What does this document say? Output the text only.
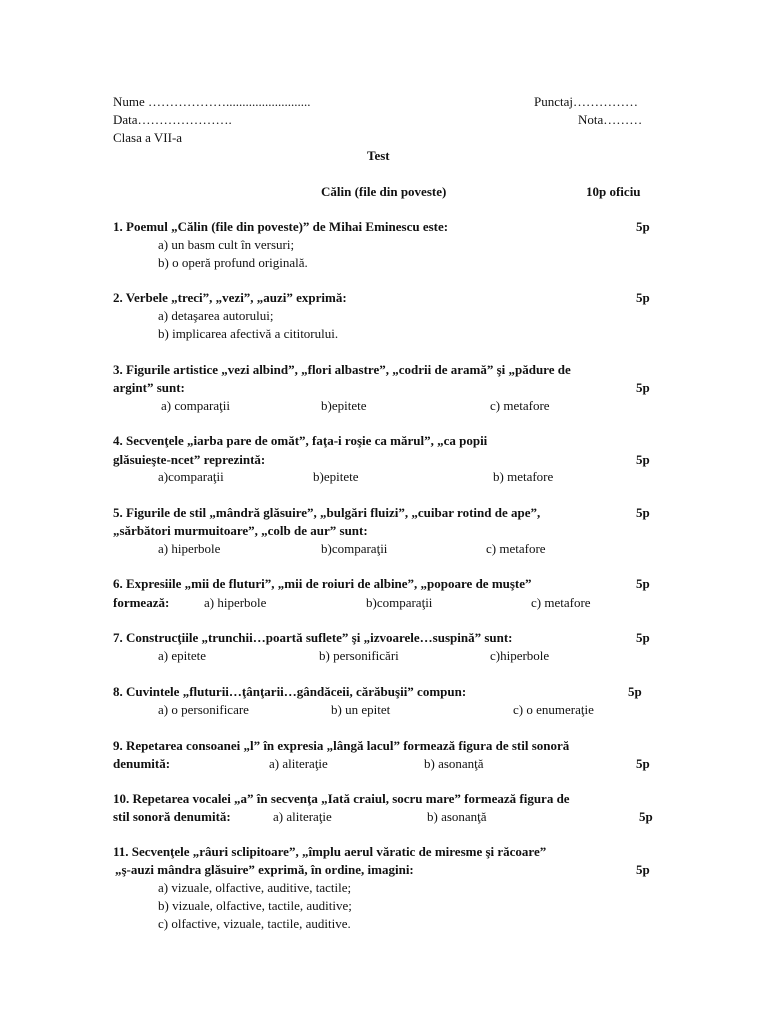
Nume ………………..........................	Punctaj……………
Data………………….	Nota………
Clasa a VII-a
Test
Călin (file din poveste)	10p oficiu
1. Poemul „Călin (file din poveste)” de Mihai Eminescu este:	5p
a) un basm cult în versuri;
b) o operă profund originală.
2. Verbele „treci”, „vezi”, „auzi” exprimă:	5p
a) detaşarea autorului;
b) implicarea afectivă a cititorului.
3. Figurile artistice „vezi albind”, „flori albastre”, „codrii de aramă” şi „pădure de
argint” sunt:	5p
a) comparaţii	b)epitete	c) metafore
4. Secvenţele „iarba pare de omăt”, faţa-i roşie ca mărul”, „ca popii
glăsuieşte-ncet” reprezintă:	5p
a)comparaţii	b)epitete	b) metafore
5. Figurile de stil „mândră glăsuire”, „bulgări fluizi”, „cuibar rotind de ape”,	5p
„sărbători murmuitoare”, „colb de aur” sunt:
a) hiperbole	b)comparaţii	c) metafore
6. Expresiile „mii de fluturi”, „mii de roiuri de albine”, „popoare de muşte”	5p
formează:	a) hiperbole	b)comparaţii	c) metafore
7. Construcţiile „trunchii…poartă suflete” şi „izvoarele…suspină” sunt:	5p
a) epitete	b) personificări	c)hiperbole
8. Cuvintele „fluturii…ţânţarii…gândăceii, cărăbuşii” compun:	5p
a) o personificare	b) un epitet	c) o enumeraţie
9. Repetarea consoanei „l” în expresia „lângă lacul” formează figura de stil sonoră
denumită:	a) aliteraţie	b) asonanţă	5p
10. Repetarea vocalei „a” în secvenţa „Iată craiul, socru mare” formează figura de
stil sonoră denumită:	a) aliteraţie	b) asonanţă	5p
11. Secvenţele „râuri sclipitoare”, „împlu aerul văratic de miresme şi răcoare”
„ş-auzi mândra glăsuire” exprimă, în ordine, imagini:	5p
a) vizuale, olfactive, auditive, tactile;
b) vizuale, olfactive, tactile, auditive;
c) olfactive, vizuale, tactile, auditive.
